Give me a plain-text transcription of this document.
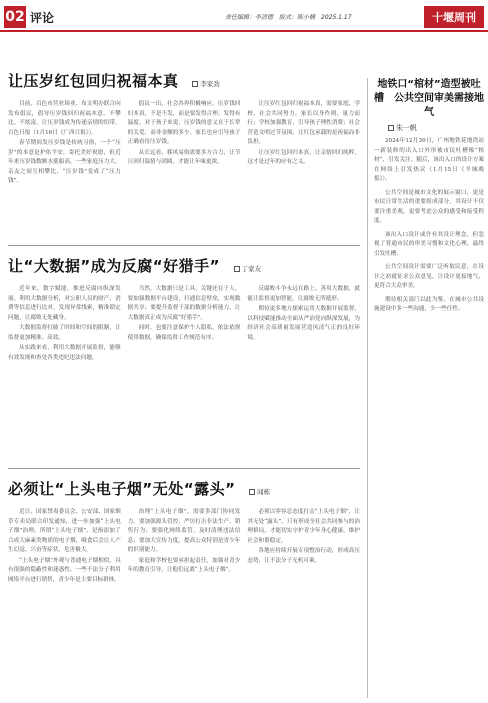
02 评论	责任编辑：李清德　版式：陈小楠　2025.1.17	十堰周刊
让压岁红包回归祝福本真	李家劲

目前，百色市营业场业、布文明办联合向发布倡议，倡导压岁钱回归祝福本意，不攀比、不炫富，让压岁钱成为传递亲情的纽带，百色日报（1月16日《广西日报》）。

春节期间发压岁钱是传统习俗，一个“压岁”的本意是护佑平安，寄托美好祝愿，但近年来压岁钱数额水涨船高，一些家庭压力大，亲友之间互相攀比，“压岁钱”变成了“压力钱”。

倡议一出，社会各界积极响应。压岁钱回归本真，不是不发，而是要发得合理、发得有温度。对于孩子来说，压岁钱的意义在于长辈的关爱，而非金额的多少。家长也应引导孩子正确看待压岁钱。

从长远看，移风易俗需要多方合力，让节日回归温情与团圆，才能让年味更浓。

让压岁红包回归祝福本真，需要家庭、学校、社会共同努力。家长以身作则，量力而行；学校加强教育，引导孩子理性消费；社会营造文明过节氛围，让红包承载的是祝福而非负担。

让压岁红包回归本真，让亲情回归纯粹，这才是过年的应有之义。

让“大数据”成为反腐“好猎手”	丁家友

近年来，数字赋能，推进反腐向纵深发展。利用大数据分析，对公职人员的财产、消费等信息进行比对，发现异常线索，精准锁定问题，让腐败无处藏身。

大数据监督打破了时间和空间的限制，让监督更加精准、高效。

从实践来看，利用大数据开展监督，能够有效发现和查处各类违纪违法问题。

当然，大数据只是工具，关键还在于人。要加强数据平台建设，打通信息壁垒，实现数据共享；要提升监督干部的数据分析能力，让大数据真正成为反腐“好猎手”。

同时，也要注意保护个人隐私，依法依规使用数据，确保监督工作规范有序。

反腐败斗争永远在路上。善用大数据，就能让监督更加智能，让腐败无所遁形。

期待更多地方探索运用大数据开展监督，以科技赋能推动全面从严治党向纵深发展，为经济社会高质量发展营造风清气正的良好环境。

必须让“上头电子烟”无处“露头”	闻栋

近日，国家禁毒委员会、公安部、国家烟草专卖局联合印发通知，进一步加强“上头电子烟”治理。所谓“上头电子烟”，是指添加了合成大麻素类物质的电子烟，吸食后会让人产生幻觉、兴奋等症状，危害极大。

“上头电子烟”外观与普通电子烟相似，具有很强的隐蔽性和迷惑性，一些不法分子利用网络平台进行销售，青少年是主要目标群体。

治理“上头电子烟”，需要多部门协同发力。要加强源头管控，严厉打击非法生产、销售行为；要强化网络监管，及时清理违法信息；要加大宣传力度，提高公众特别是青少年的识别能力。

家庭和学校也要承担起责任，加强对青少年的教育引导，让他们远离“上头电子烟”。

必须以零容忍态度打击“上头电子烟”，让其无处“露头”。只有形成全社会共同参与的治理格局，才能切实守护青少年身心健康，维护社会和谐稳定。

各地应持续开展专项整治行动，形成高压态势，让不法分子无机可乘。

地铁口“棺材”造型被吐槽　公共空间审美需接地气
朱一帆

2024年12月30日，广州地铁花地湾站一新装修的出入口外形被市民吐槽像“棺材”，引发关注。随后，该出入口的设计方案在网络上引发热议（1月15日《羊城晚报》）。

公共空间是城市文化的展示窗口，更是市民日常生活的重要组成部分。其设计不仅要注重美观，更要考虑公众的感受和接受程度。

该出入口设计或许有其设计理念，但忽视了普通市民的审美习惯和文化心理，最终引发吐槽。

公共空间设计需要广泛听取民意，在设计之初就征求公众意见，让设计更接地气、更符合大众审美。

期待相关部门以此为鉴，在城市公共设施建设中多一些沟通，少一些任性。
